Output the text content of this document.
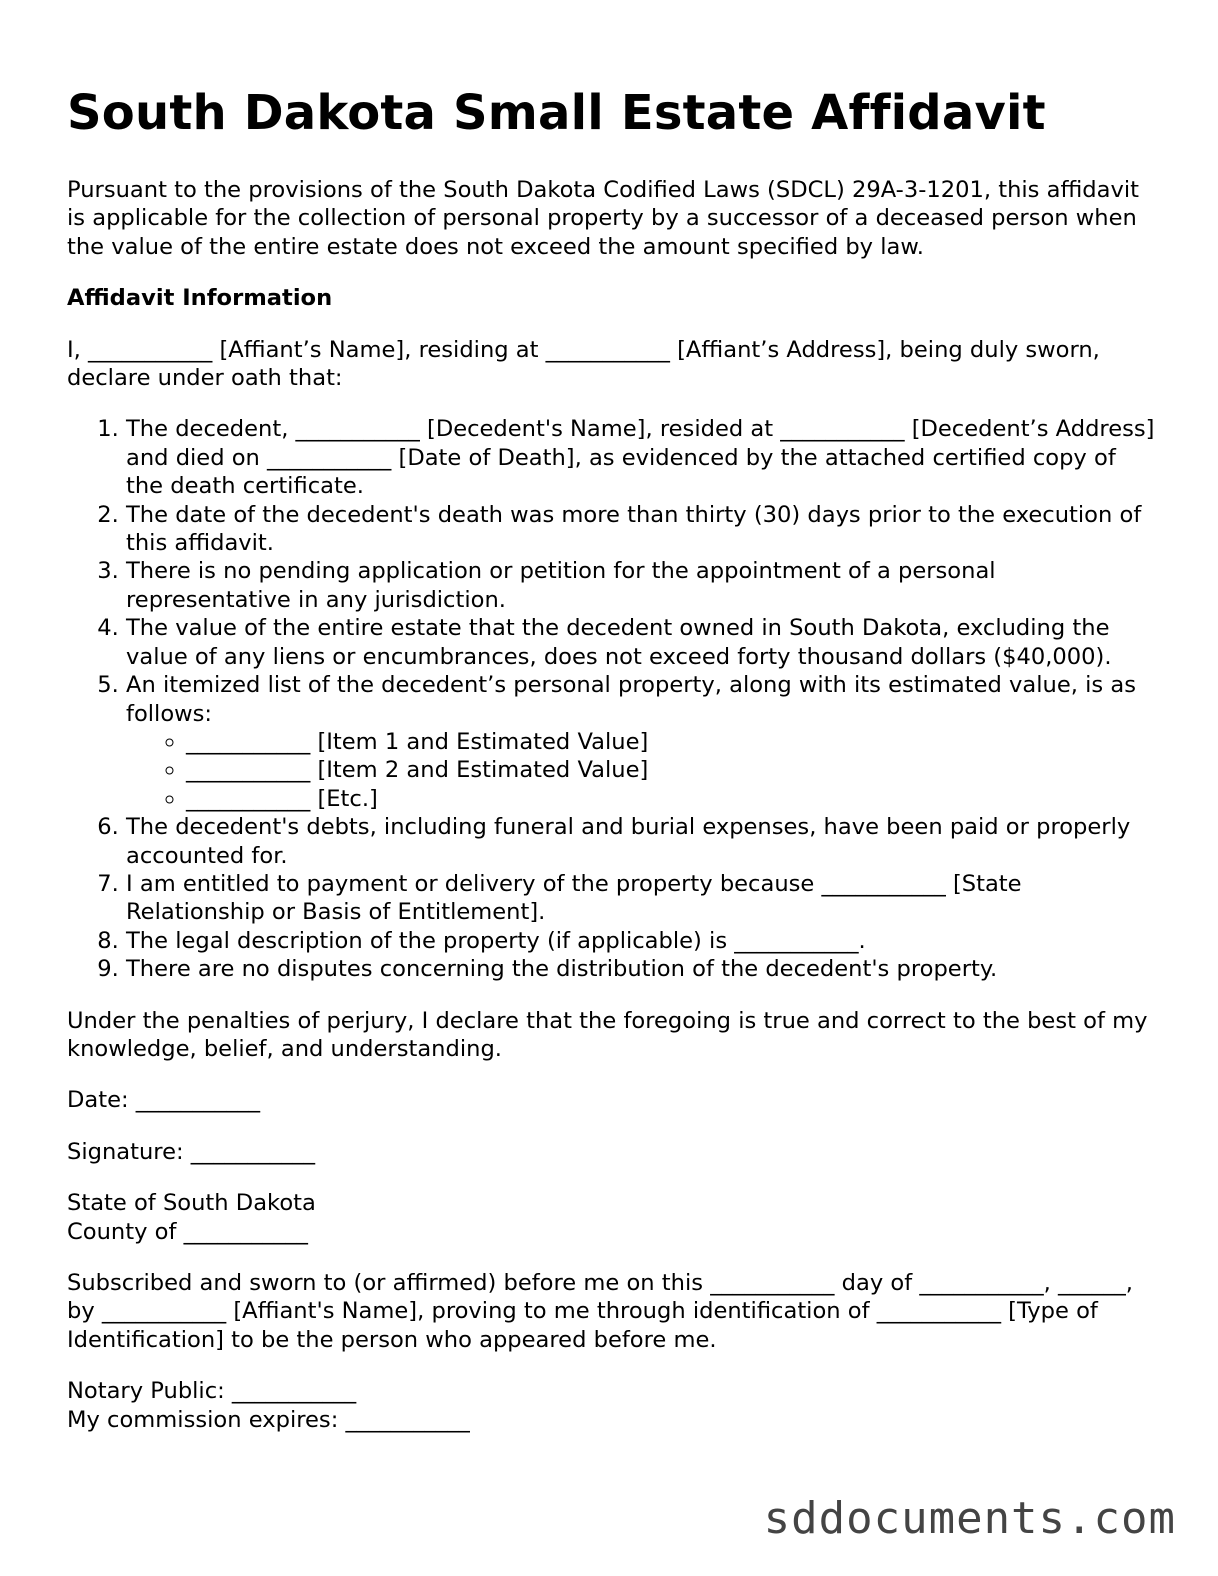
South Dakota Small Estate Affidavit

Pursuant to the provisions of the South Dakota Codified Laws (SDCL) 29A-3-1201, this affidavit is applicable for the collection of personal property by a successor of a deceased person when the value of the entire estate does not exceed the amount specified by law.

Affidavit Information

I, ___________ [Affiant’s Name], residing at ___________ [Affiant’s Address], being duly sworn, declare under oath that:

1. The decedent, ___________ [Decedent's Name], resided at ___________ [Decedent’s Address] and died on ___________ [Date of Death], as evidenced by the attached certified copy of the death certificate.
2. The date of the decedent's death was more than thirty (30) days prior to the execution of this affidavit.
3. There is no pending application or petition for the appointment of a personal representative in any jurisdiction.
4. The value of the entire estate that the decedent owned in South Dakota, excluding the value of any liens or encumbrances, does not exceed forty thousand dollars ($40,000).
5. An itemized list of the decedent’s personal property, along with its estimated value, is as follows:
◦ ___________ [Item 1 and Estimated Value]
◦ ___________ [Item 2 and Estimated Value]
◦ ___________ [Etc.]
6. The decedent's debts, including funeral and burial expenses, have been paid or properly accounted for.
7. I am entitled to payment or delivery of the property because ___________ [State Relationship or Basis of Entitlement].
8. The legal description of the property (if applicable) is ___________.
9. There are no disputes concerning the distribution of the decedent's property.

Under the penalties of perjury, I declare that the foregoing is true and correct to the best of my knowledge, belief, and understanding.

Date: ___________

Signature: ___________

State of South Dakota
County of ___________

Subscribed and sworn to (or affirmed) before me on this ___________ day of ___________, ______, by ___________ [Affiant's Name], proving to me through identification of ___________ [Type of Identification] to be the person who appeared before me.

Notary Public: ___________
My commission expires: ___________

sddocuments.com
